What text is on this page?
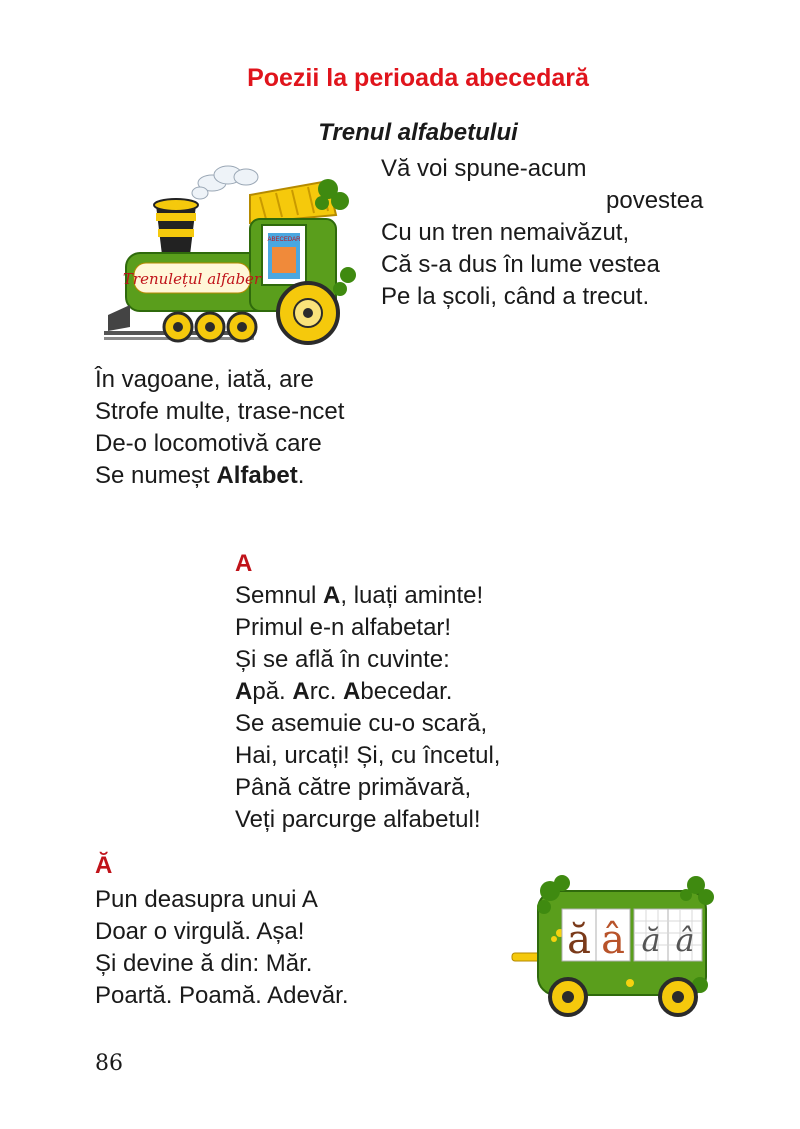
Poezii la perioada abecedară
Trenul alfabetului
ABECEDAR
Trenulețul alfaber
Vă voi spune-acum
povestea
Cu un tren nemaivăzut,
Că s-a dus în lume vestea
Pe la școli, când a trecut.
În vagoane, iată, are
Strofe multe, trase-ncet
De-o locomotivă care
Se numeșt Alfabet.
A
Semnul A, luați aminte!
Primul e-n alfabetar!
Și se află în cuvinte:
Apă. Arc. Abecedar.
Se asemuie cu-o scară,
Hai, urcați! Și, cu încetul,
Până către primăvară,
Veți parcurge alfabetul!
Ă
Pun deasupra unui A
Doar o virgulă. Așa!
Și devine ă din: Măr.
Poartă. Poamă. Adevăr.
ă â ă â
86
